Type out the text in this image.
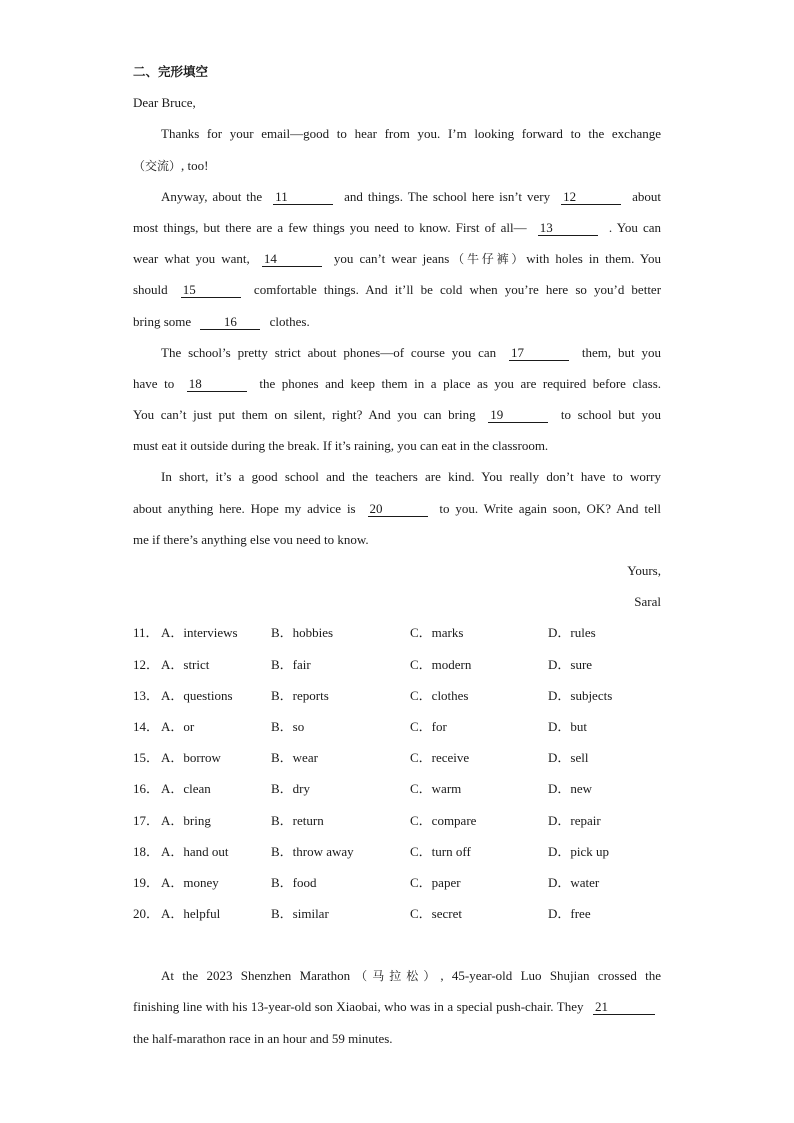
二、完形填空
Dear Bruce,
Thanks for your email—good to hear from you. I’m looking forward to the exchange
（交流）, too!
Anyway, about the 11	and things. The school here isn’t very 12	about
most things, but there are a few things you need to know. First of all— 13	. You can
wear what you want, 14	you can’t wear jeans（牛仔裤）with holes in them. You
should 15	comfortable things. And it’ll be cold when you’re here so you’d better
bring some	16	clothes.
The school’s pretty strict about phones—of course you can 17	them, but you
have to 18	the phones and keep them in a place as you are required before class.
You can’t just put them on silent, right? And you can bring 19	to school but you
must eat it outside during the break. If it’s raining, you can eat in the classroom.
In short, it’s a good school and the teachers are kind. You really don’t have to worry
about anything here. Hope my advice is 20	to you. Write again soon, OK? And tell
me if there’s anything else vou need to know.
Yours,
Saral
11． A．interviews	B．hobbies	C．marks	D．rules
12． A．strict	B．fair	C．modern	D．sure
13． A．questions	B．reports	C．clothes	D．subjects
14． A．or	B．so	C．for	D．but
15． A．borrow	B．wear	C．receive	D．sell
16． A．clean	B．dry	C．warm	D．new
17． A．bring	B．return	C．compare	D．repair
18． A．hand out	B．throw away	C．turn off	D．pick up
19． A．money	B．food	C．paper	D．water
20． A．helpful	B．similar	C．secret	D．free
At the 2023 Shenzhen Marathon（马拉松）, 45-year-old Luo Shujian crossed the
finishing line with his 13-year-old son Xiaobai, who was in a special push-chair. They 21
the half-marathon race in an hour and 59 minutes.
